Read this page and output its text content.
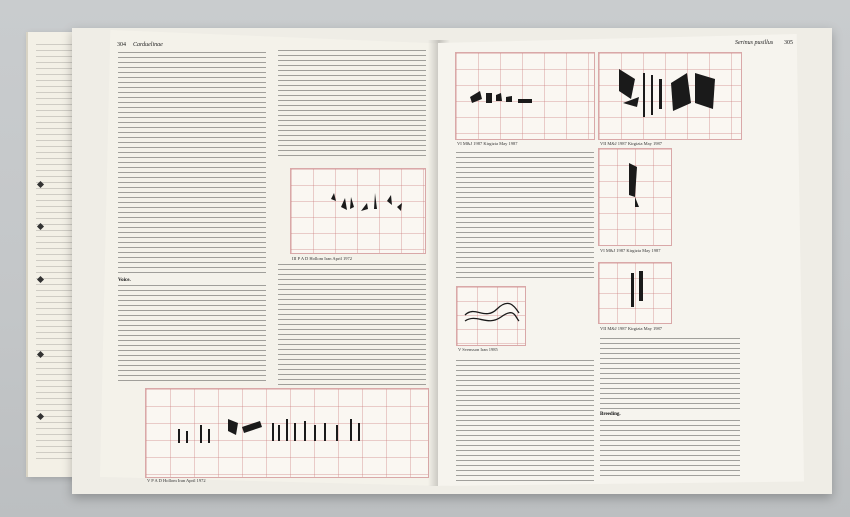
304 Carduelinae
III P A D Hollom Iran April 1972
Voice.
V P A D Hollom Iran April 1972
Serinus pusillus 305
VI M&J 1987 Kirgizia May 1987	VII M&J 1987 Kirgizia May 1987
V Svensson Iran 1985
VI M&J 1987 Kirgizia May 1987
VII M&J 1987 Kirgizia May 1987
Breeding.
